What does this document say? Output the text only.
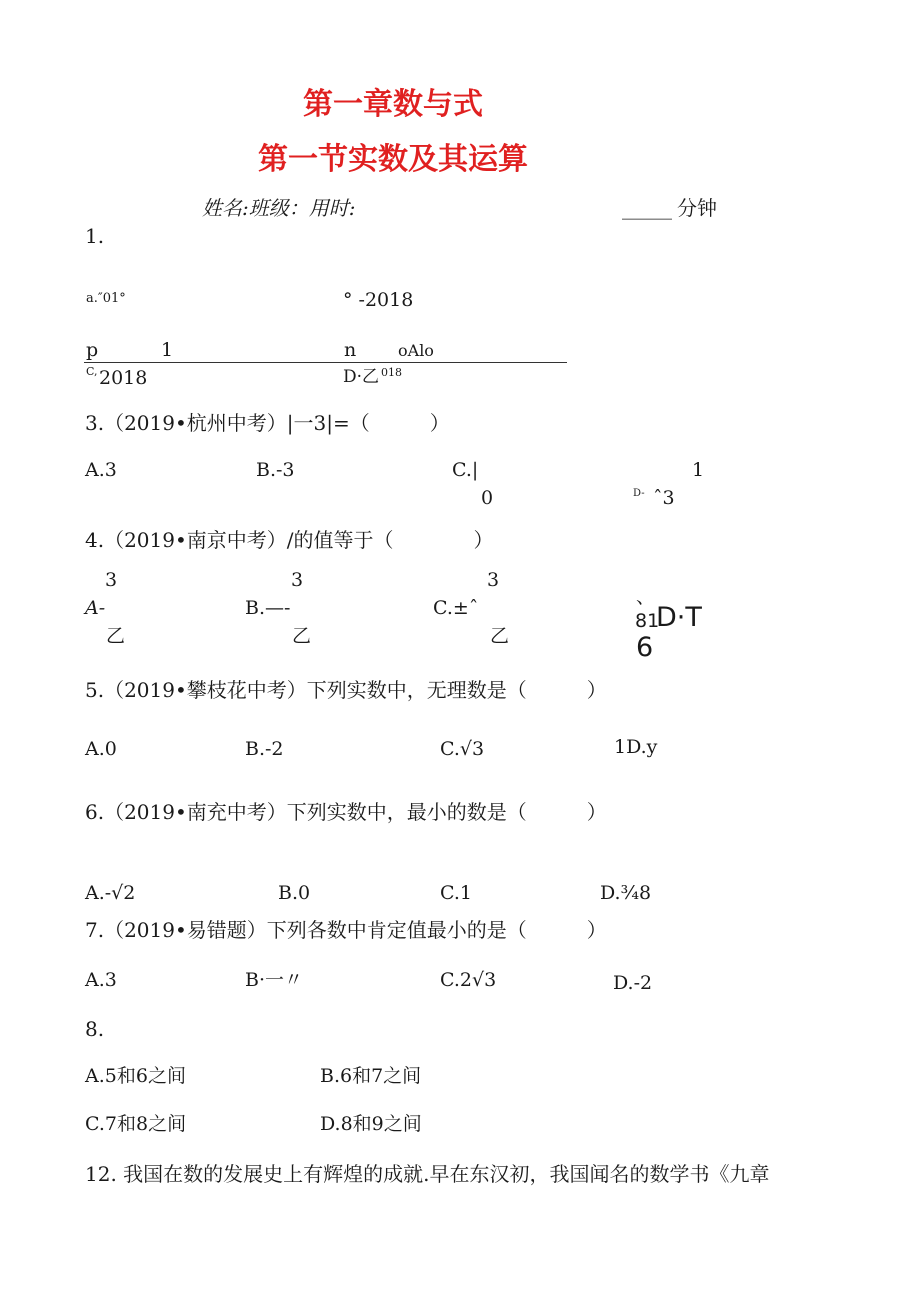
第一章数与式
第一节实数及其运算
姓名:班级：用时:	_____ 分钟
1.
a.″01°	° -2018
p	1	n	oAlo
C, 2018	D·乙 018
3.（2019•杭州中考）|一3|=（　　　）
A.3	B.-3	C.|
0
1
D- ˆ3
4.（2019•南京中考）/的值等于（　　　　）
3
A-
乙
3
B.—-
乙
3
C.±ˆ
乙
、
81
D·T
6
5.（2019•攀枝花中考）下列实数中，无理数是（　　　）
A.0	B.-2	C.√3	1D.y
6.（2019•南充中考）下列实数中，最小的数是（　　　）
A.-√2	B.0	C.1	D.¾8
7.（2019•易错题）下列各数中肯定值最小的是（　　　）
A.3	B·一〃	C.2√3	D.-2
8.
A.5和6之间	B.6和7之间
C.7和8之间	D.8和9之间
12. 我国在数的发展史上有辉煌的成就.早在东汉初，我国闻名的数学书《九章
